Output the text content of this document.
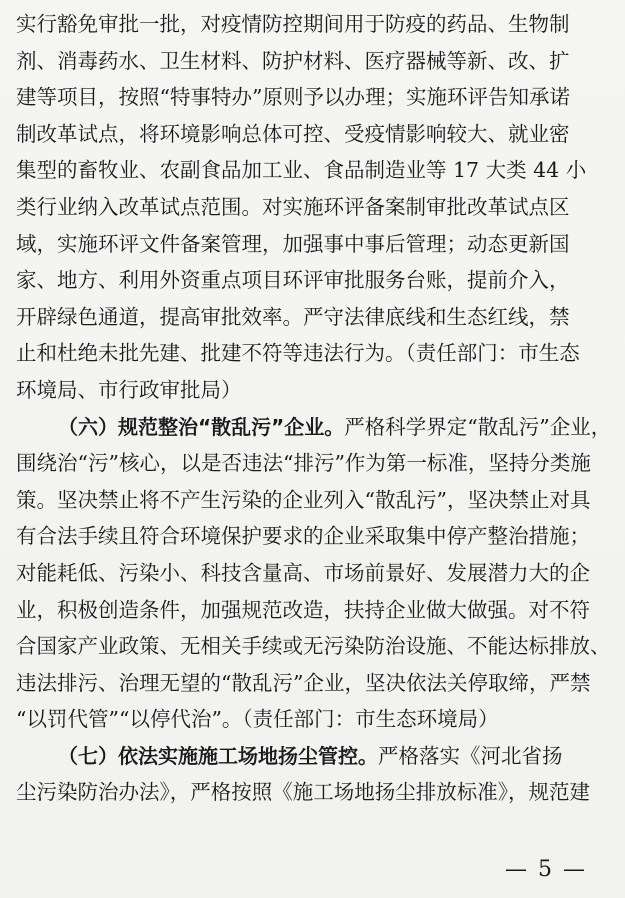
实行豁免审批一批，对疫情防控期间用于防疫的药品、生物制
剂、消毒药水、卫生材料、防护材料、医疗器械等新、改、扩
建等项目，按照“特事特办”原则予以办理；实施环评告知承诺
制改革试点，将环境影响总体可控、受疫情影响较大、就业密
集型的畜牧业、农副食品加工业、食品制造业等 17 大类 44 小
类行业纳入改革试点范围。对实施环评备案制审批改革试点区
域，实施环评文件备案管理，加强事中事后管理；动态更新国
家、地方、利用外资重点项目环评审批服务台账，提前介入，
开辟绿色通道，提高审批效率。严守法律底线和生态红线，禁
止和杜绝未批先建、批建不符等违法行为。（责任部门：市生态
环境局、市行政审批局）
（六）规范整治“散乱污”企业。严格科学界定“散乱污”企业，
围绕治“污”核心，以是否违法“排污”作为第一标准，坚持分类施
策。坚决禁止将不产生污染的企业列入“散乱污”，坚决禁止对具
有合法手续且符合环境保护要求的企业采取集中停产整治措施；
对能耗低、污染小、科技含量高、市场前景好、发展潜力大的企
业，积极创造条件，加强规范改造，扶持企业做大做强。对不符
合国家产业政策、无相关手续或无污染防治设施、不能达标排放、
违法排污、治理无望的“散乱污”企业，坚决依法关停取缔，严禁
“以罚代管”“以停代治”。（责任部门：市生态环境局）
（七）依法实施施工场地扬尘管控。严格落实《河北省扬
尘污染防治办法》，严格按照《施工场地扬尘排放标准》，规范建
— 5 —
